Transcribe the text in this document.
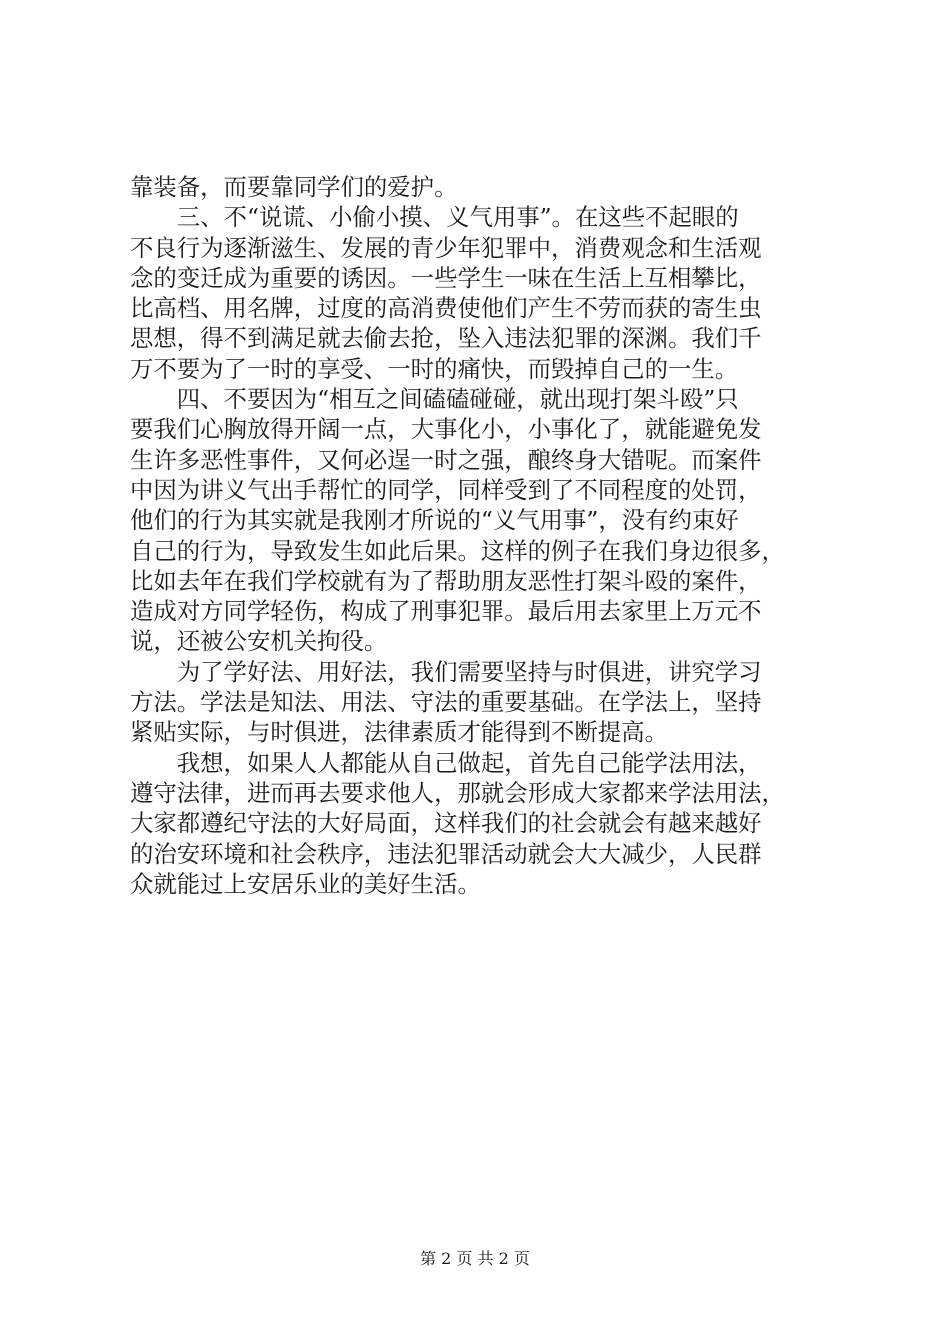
靠装备，而要靠同学们的爱护。
　　三、不“说谎、小偷小摸、义气用事”。在这些不起眼的
不良行为逐渐滋生、发展的青少年犯罪中，消费观念和生活观
念的变迁成为重要的诱因。一些学生一味在生活上互相攀比，
比高档、用名牌，过度的高消费使他们产生不劳而获的寄生虫
思想，得不到满足就去偷去抢，坠入违法犯罪的深渊。我们千
万不要为了一时的享受、一时的痛快，而毁掉自己的一生。
　　四、不要因为“相互之间磕磕碰碰，就出现打架斗殴”只
要我们心胸放得开阔一点，大事化小，小事化了，就能避免发
生许多恶性事件，又何必逞一时之强，酿终身大错呢。而案件
中因为讲义气出手帮忙的同学，同样受到了不同程度的处罚，
他们的行为其实就是我刚才所说的“义气用事”，没有约束好
自己的行为，导致发生如此后果。这样的例子在我们身边很多，
比如去年在我们学校就有为了帮助朋友恶性打架斗殴的案件，
造成对方同学轻伤，构成了刑事犯罪。最后用去家里上万元不
说，还被公安机关拘役。
　　为了学好法、用好法，我们需要坚持与时俱进，讲究学习
方法。学法是知法、用法、守法的重要基础。在学法上，坚持
紧贴实际，与时俱进，法律素质才能得到不断提高。
　　我想，如果人人都能从自己做起，首先自己能学法用法，
遵守法律，进而再去要求他人，那就会形成大家都来学法用法，
大家都遵纪守法的大好局面，这样我们的社会就会有越来越好
的治安环境和社会秩序，违法犯罪活动就会大大减少，人民群
众就能过上安居乐业的美好生活。
第 2 页 共 2 页
